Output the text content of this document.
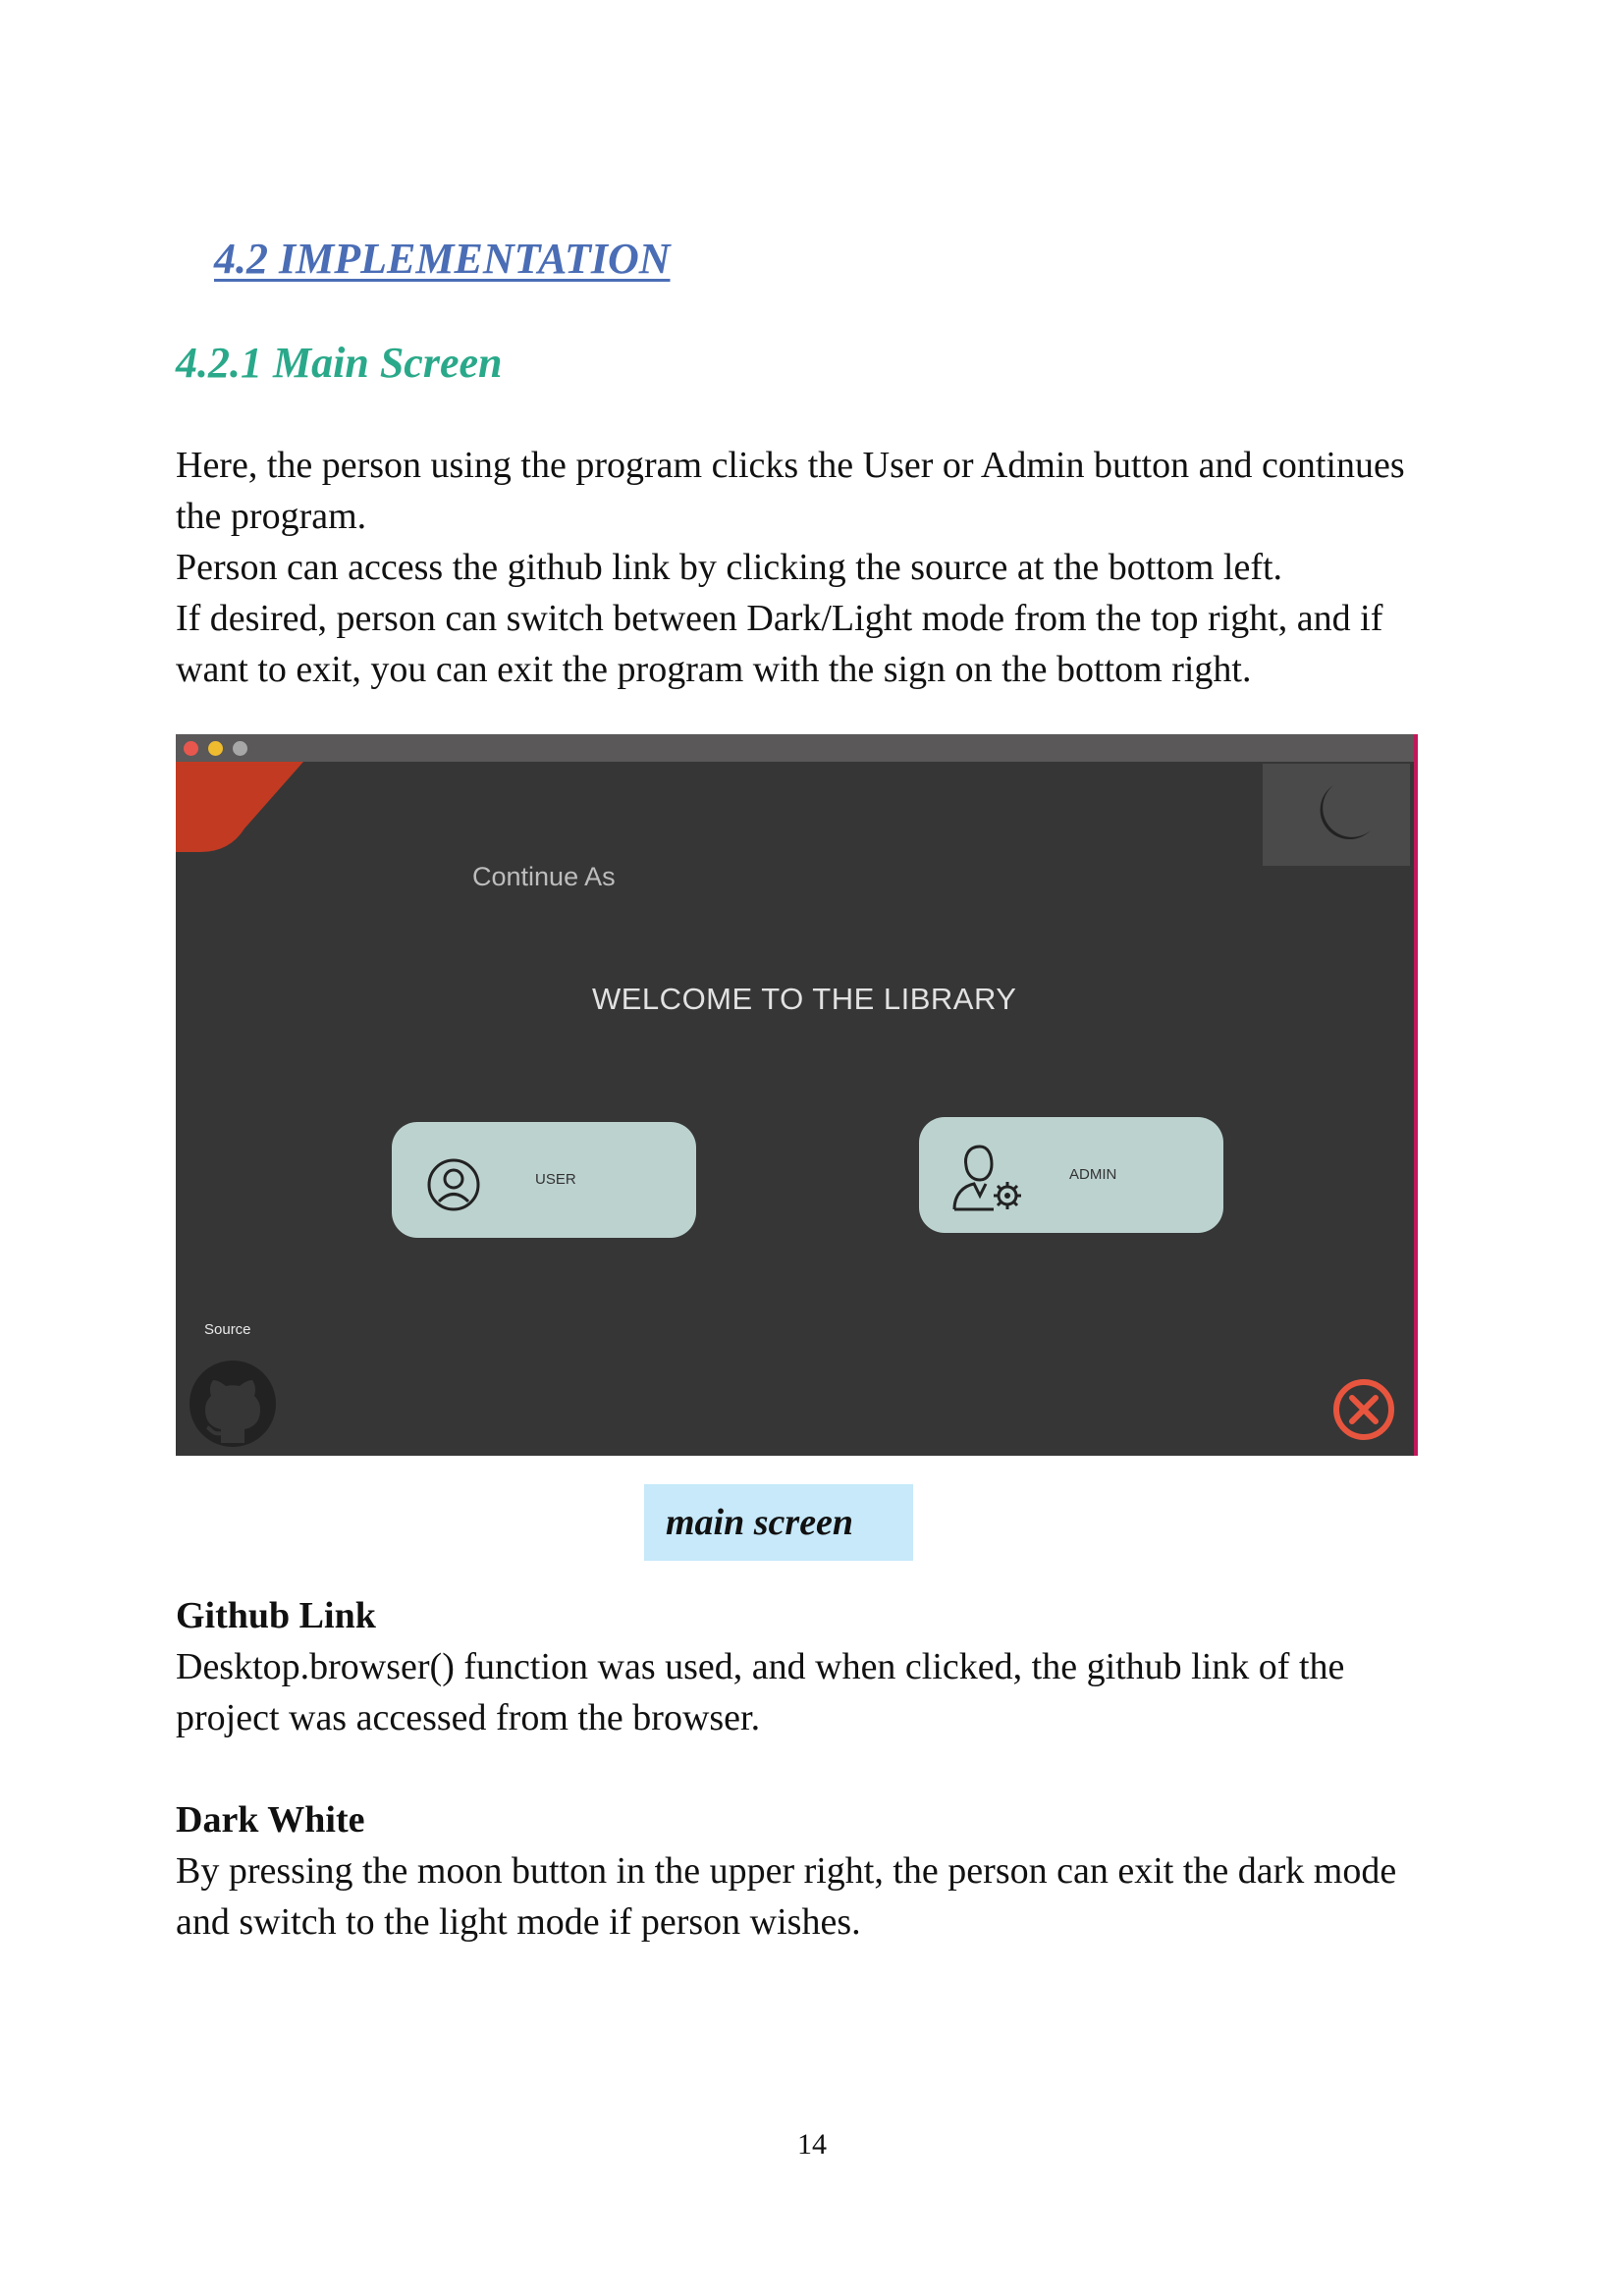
4.2 IMPLEMENTATION
4.2.1 Main Screen
Here, the person using the program clicks the User or Admin button and continues
the program.
Person can access the github link by clicking the source at the bottom left.
If desired, person can switch between Dark/Light mode from the top right, and if
want to exit, you can exit the program with the sign on the bottom right.
Continue As
WELCOME TO THE LIBRARY
USER	ADMIN
Source
main screen
Github Link
Desktop.browser() function was used, and when clicked, the github link of the
project was accessed from the browser.
Dark White
By pressing the moon button in the upper right, the person can exit the dark mode
and switch to the light mode if person wishes.
14
